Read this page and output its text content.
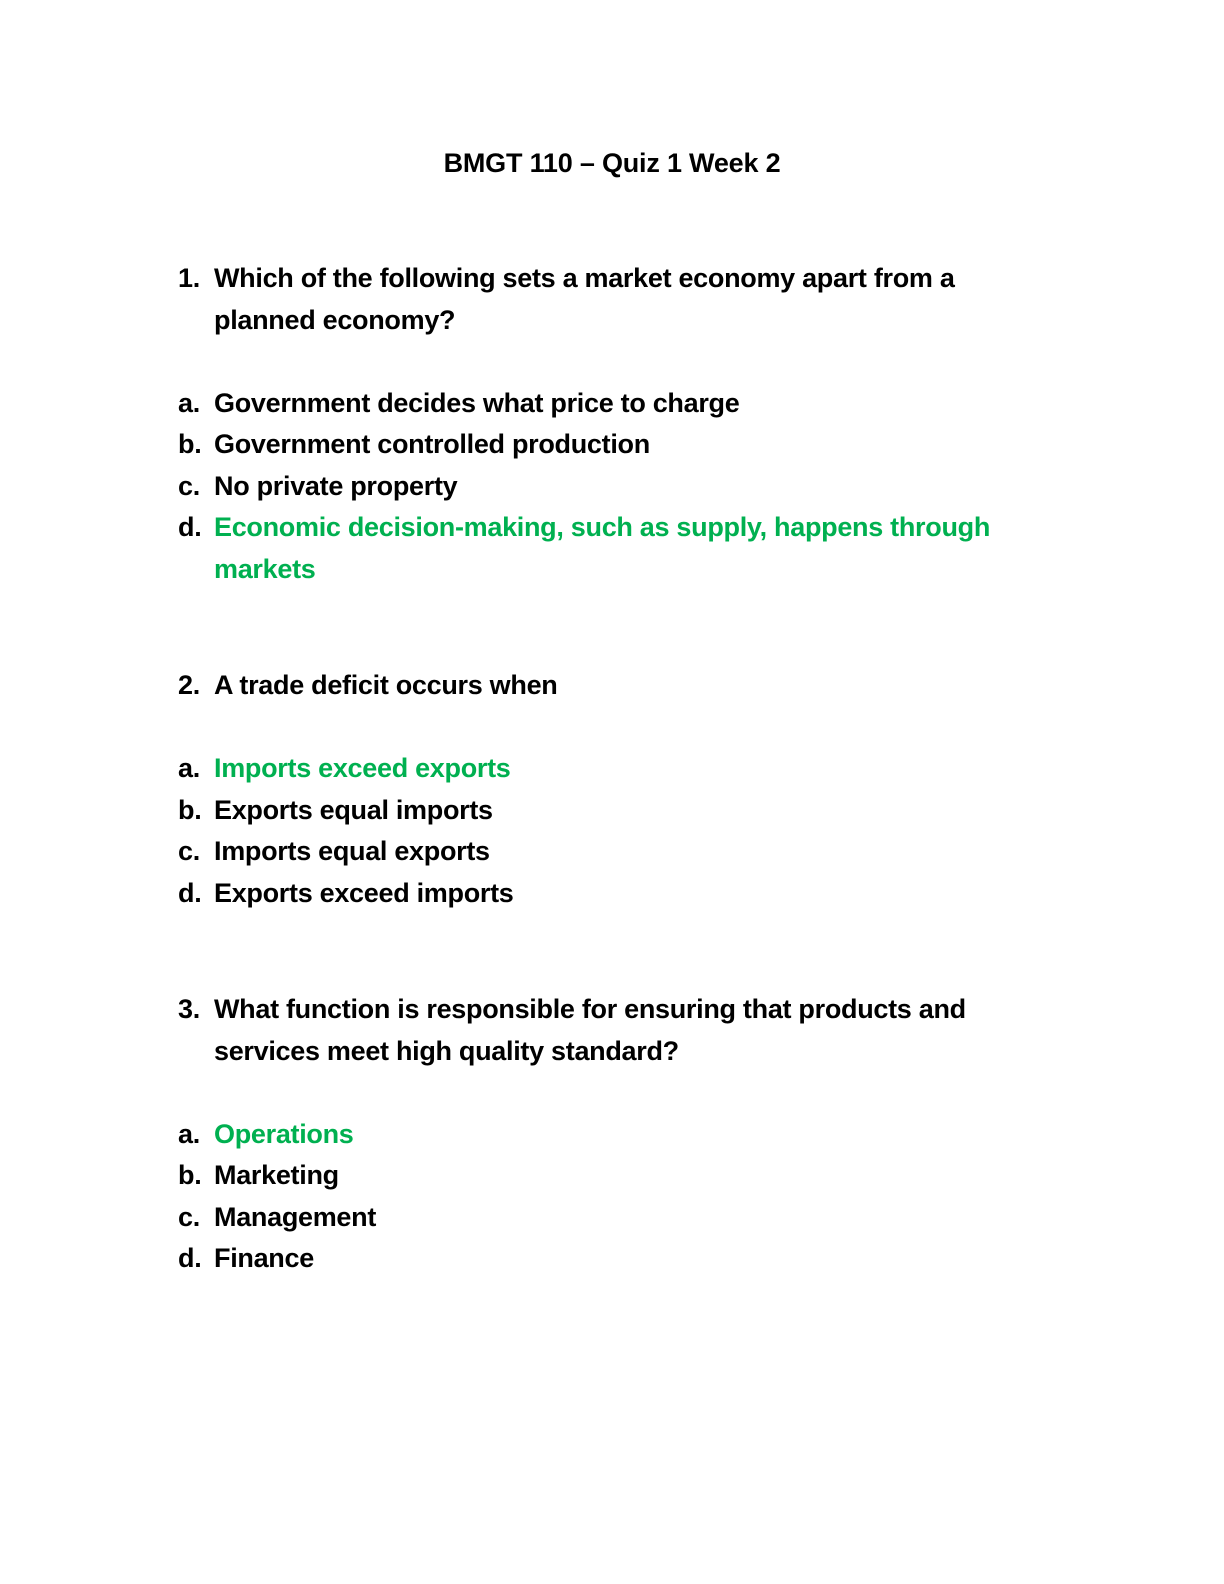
BMGT 110 – Quiz 1 Week 2
1. Which of the following sets a market economy apart from a planned economy?
a. Government decides what price to charge
b. Government controlled production
c. No private property
d. Economic decision-making, such as supply, happens through markets
2. A trade deficit occurs when
a. Imports exceed exports
b. Exports equal imports
c. Imports equal exports
d. Exports exceed imports
3. What function is responsible for ensuring that products and services meet high quality standard?
a. Operations
b. Marketing
c. Management
d. Finance
